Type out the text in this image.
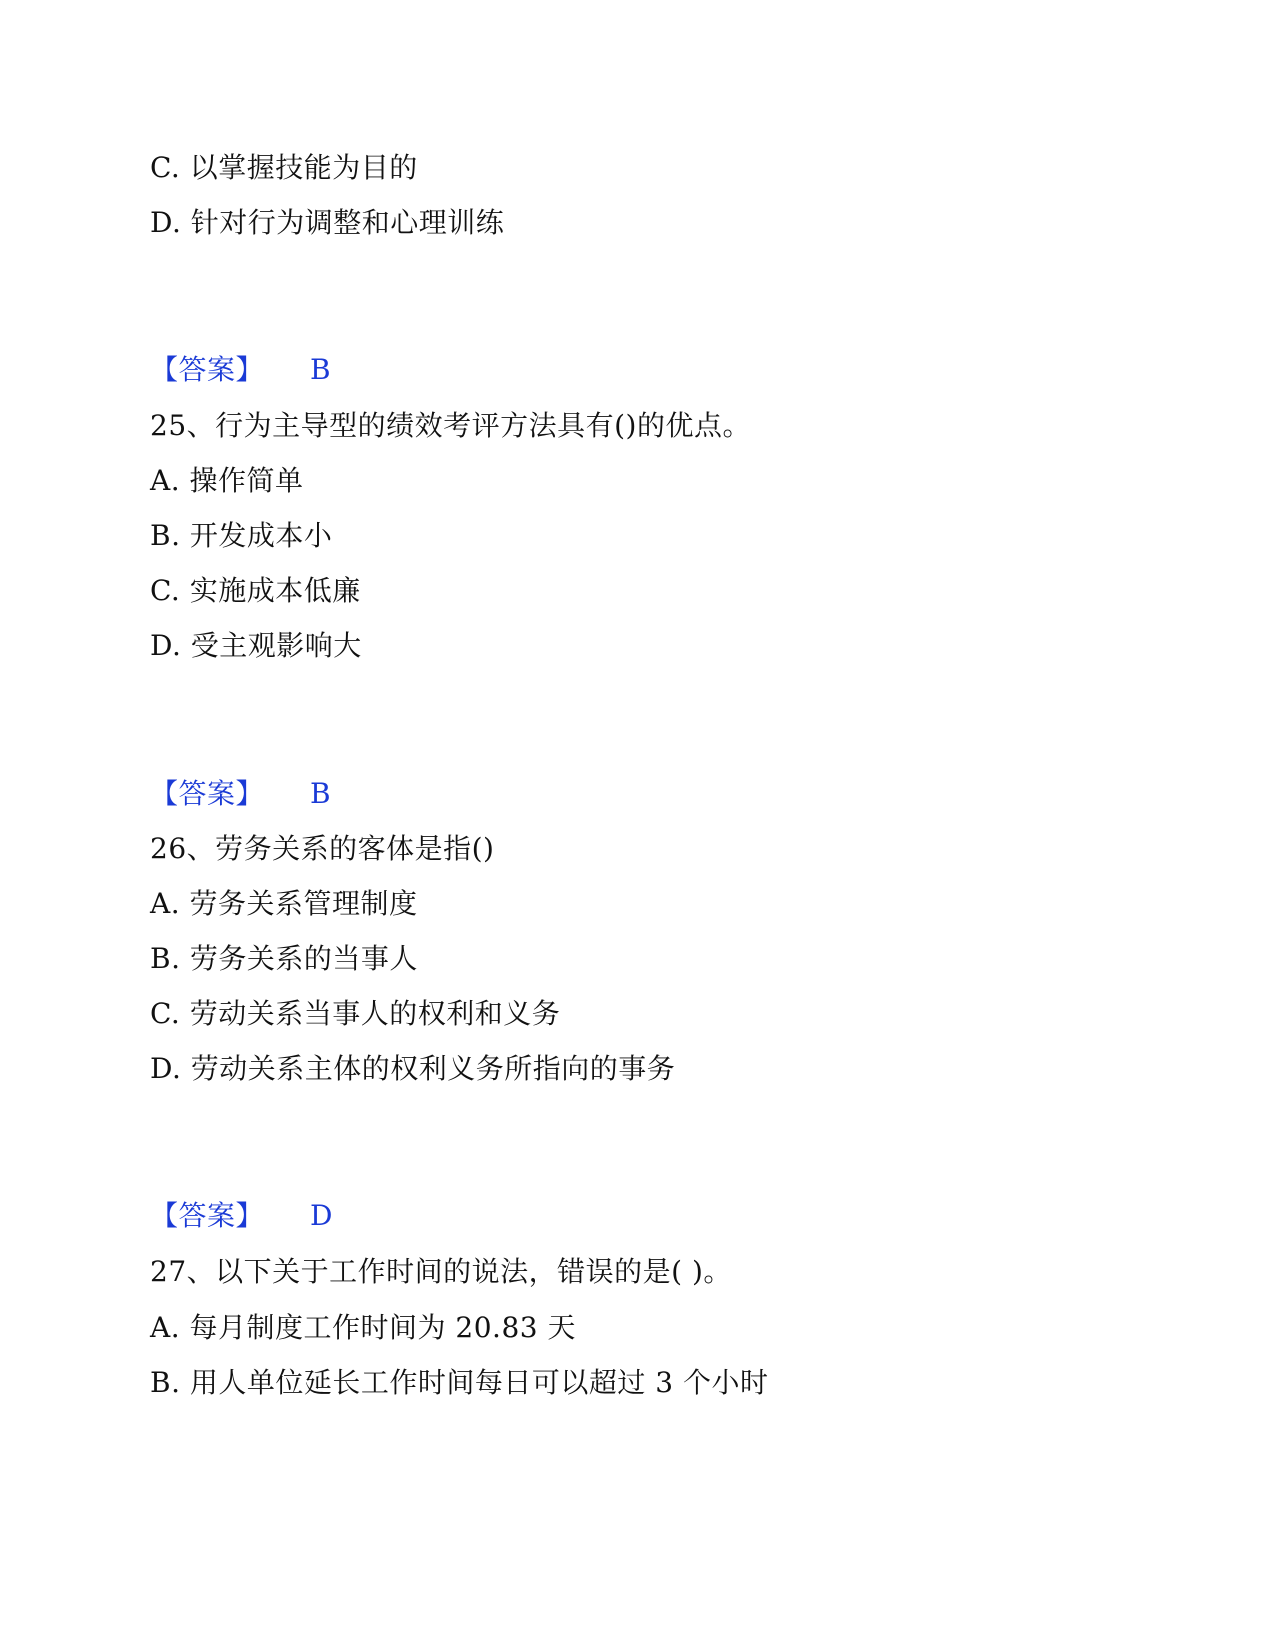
C. 以掌握技能为目的
D. 针对行为调整和心理训练
【答案】 B
25、行为主导型的绩效考评方法具有()的优点。
A. 操作简单
B. 开发成本小
C. 实施成本低廉
D. 受主观影响大
【答案】 B
26、劳务关系的客体是指()
A. 劳务关系管理制度
B. 劳务关系的当事人
C. 劳动关系当事人的权利和义务
D. 劳动关系主体的权利义务所指向的事务
【答案】 D
27、以下关于工作时间的说法，错误的是( )。
A. 每月制度工作时间为 20.83 天
B. 用人单位延长工作时间每日可以超过 3 个小时
